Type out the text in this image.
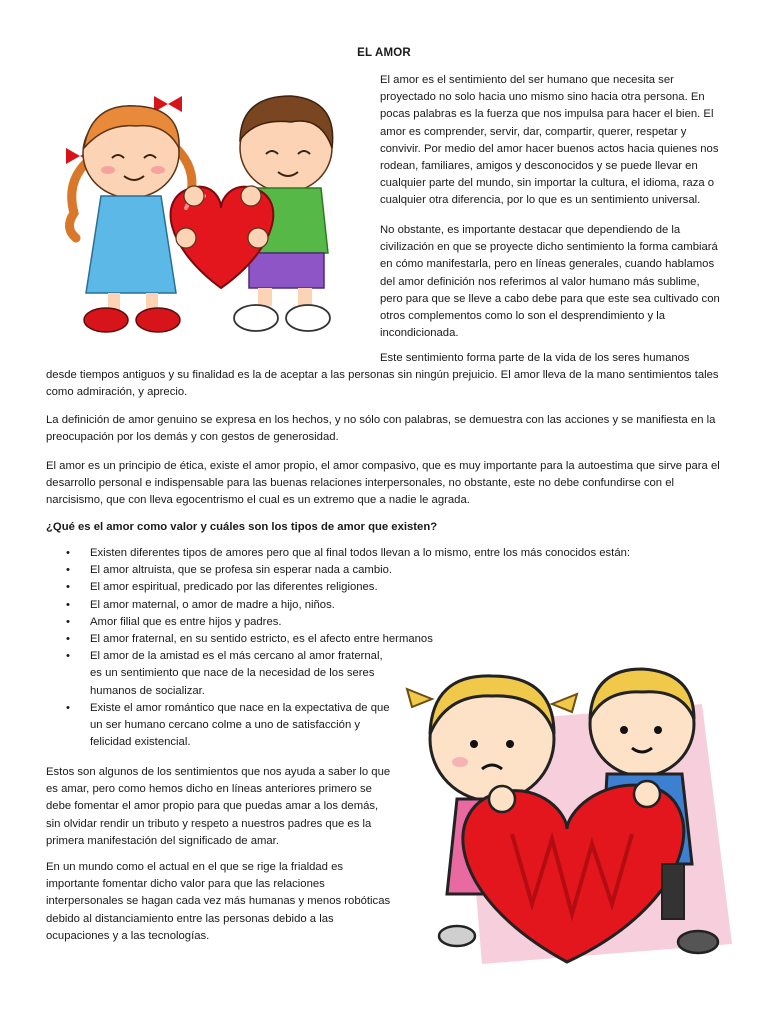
EL AMOR

El amor es el sentimiento del ser humano que necesita ser proyectado no solo hacia uno mismo sino hacia otra persona. En pocas palabras es la fuerza que nos impulsa para hacer el bien. El amor es comprender, servir, dar, compartir, querer, respetar y convivir. Por medio del amor hacer buenos actos hacia quienes nos rodean, familiares, amigos y desconocidos y se puede llevar en cualquier parte del mundo, sin importar la cultura, el idioma, raza o cualquier otra diferencia, por lo que es un sentimiento universal.

No obstante, es importante destacar que dependiendo de la civilización en que se proyecte dicho sentimiento la forma cambiará en cómo manifestarla, pero en líneas generales, cuando hablamos del amor definición nos referimos al valor humano más sublime, pero para que se lleve a cabo debe para que este sea cultivado con otros complementos como lo son el desprendimiento y la incondicionada.

Este sentimiento forma parte de la vida de los seres humanos

desde tiempos antiguos y su finalidad es la de aceptar a las personas sin ningún prejuicio. El amor lleva de la mano sentimientos tales como admiración, y aprecio.

La definición de amor genuino se expresa en los hechos, y no sólo con palabras, se demuestra con las acciones y se manifiesta en la preocupación por los demás y con gestos de generosidad.

El amor es un principio de ética, existe el amor propio, el amor compasivo, que es muy importante para la autoestima que sirve para el desarrollo personal e indispensable para las buenas relaciones interpersonales, no obstante, este no debe confundirse con el narcisismo, que con lleva egocentrismo el cual es un extremo que a nadie le agrada.

¿Qué es el amor como valor y cuáles son los tipos de amor que existen?

• Existen diferentes tipos de amores pero que al final todos llevan a lo mismo, entre los más conocidos están:
• El amor altruista, que se profesa sin esperar nada a cambio.
• El amor espiritual, predicado por las diferentes religiones.
• El amor maternal, o amor de madre a hijo, niños.
• Amor filial que es entre hijos y padres.
• El amor fraternal, en su sentido estricto, es el afecto entre hermanos
• El amor de la amistad es el más cercano al amor fraternal, es un sentimiento que nace de la necesidad de los seres humanos de socializar.
• Existe el amor romántico que nace en la expectativa de que un ser humano cercano colme a uno de satisfacción y felicidad existencial.

Estos son algunos de los sentimientos que nos ayuda a saber lo que es amar, pero como hemos dicho en líneas anteriores primero se debe fomentar el amor propio para que puedas amar a los demás, sin olvidar rendir un tributo y respeto a nuestros padres que es la primera manifestación del significado de amar.

En un mundo como el actual en el que se rige la frialdad es importante fomentar dicho valor para que las relaciones interpersonales se hagan cada vez más humanas y menos robóticas debido al distanciamiento entre las personas debido a las ocupaciones y a las tecnologías.
